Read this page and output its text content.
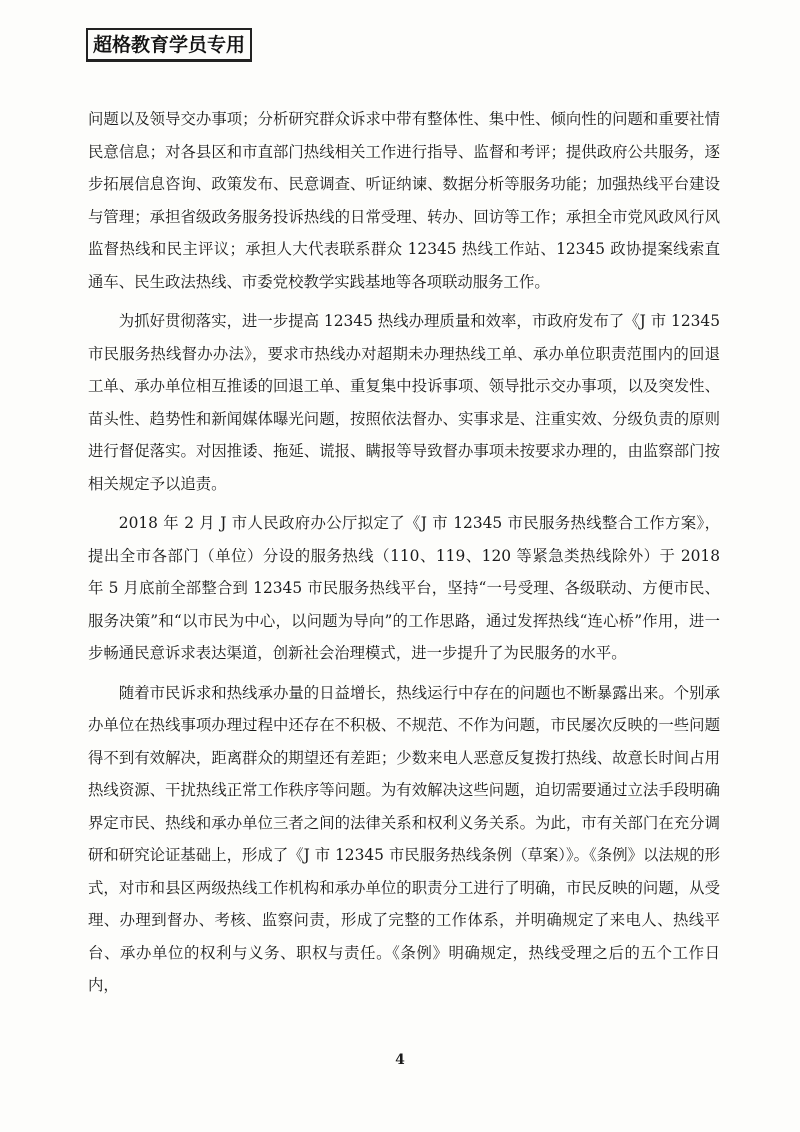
超格教育学员专用

问题以及领导交办事项；分析研究群众诉求中带有整体性、集中性、倾向性的问题和重要社情民意信息；对各县区和市直部门热线相关工作进行指导、监督和考评；提供政府公共服务，逐步拓展信息咨询、政策发布、民意调查、听证纳谏、数据分析等服务功能；加强热线平台建设与管理；承担省级政务服务投诉热线的日常受理、转办、回访等工作；承担全市党风政风行风监督热线和民主评议；承担人大代表联系群众 12345 热线工作站、12345 政协提案线索直通车、民生政法热线、市委党校教学实践基地等各项联动服务工作。

为抓好贯彻落实，进一步提高 12345 热线办理质量和效率，市政府发布了《J 市 12345 市民服务热线督办办法》，要求市热线办对超期未办理热线工单、承办单位职责范围内的回退工单、承办单位相互推诿的回退工单、重复集中投诉事项、领导批示交办事项，以及突发性、苗头性、趋势性和新闻媒体曝光问题，按照依法督办、实事求是、注重实效、分级负责的原则进行督促落实。对因推诿、拖延、谎报、瞒报等导致督办事项未按要求办理的，由监察部门按相关规定予以追责。

2018 年 2 月 J 市人民政府办公厅拟定了《J 市 12345 市民服务热线整合工作方案》，提出全市各部门（单位）分设的服务热线（110、119、120 等紧急类热线除外）于 2018 年 5 月底前全部整合到 12345 市民服务热线平台，坚持“一号受理、各级联动、方便市民、服务决策”和“以市民为中心，以问题为导向”的工作思路，通过发挥热线“连心桥”作用，进一步畅通民意诉求表达渠道，创新社会治理模式，进一步提升了为民服务的水平。

随着市民诉求和热线承办量的日益增长，热线运行中存在的问题也不断暴露出来。个别承办单位在热线事项办理过程中还存在不积极、不规范、不作为问题，市民屡次反映的一些问题得不到有效解决，距离群众的期望还有差距；少数来电人恶意反复拨打热线、故意长时间占用热线资源、干扰热线正常工作秩序等问题。为有效解决这些问题，迫切需要通过立法手段明确界定市民、热线和承办单位三者之间的法律关系和权利义务关系。为此，市有关部门在充分调研和研究论证基础上，形成了《J 市 12345 市民服务热线条例（草案）》。《条例》以法规的形式，对市和县区两级热线工作机构和承办单位的职责分工进行了明确，市民反映的问题，从受理、办理到督办、考核、监察问责，形成了完整的工作体系，并明确规定了来电人、热线平台、承办单位的权利与义务、职权与责任。《条例》明确规定，热线受理之后的五个工作日内，

4
